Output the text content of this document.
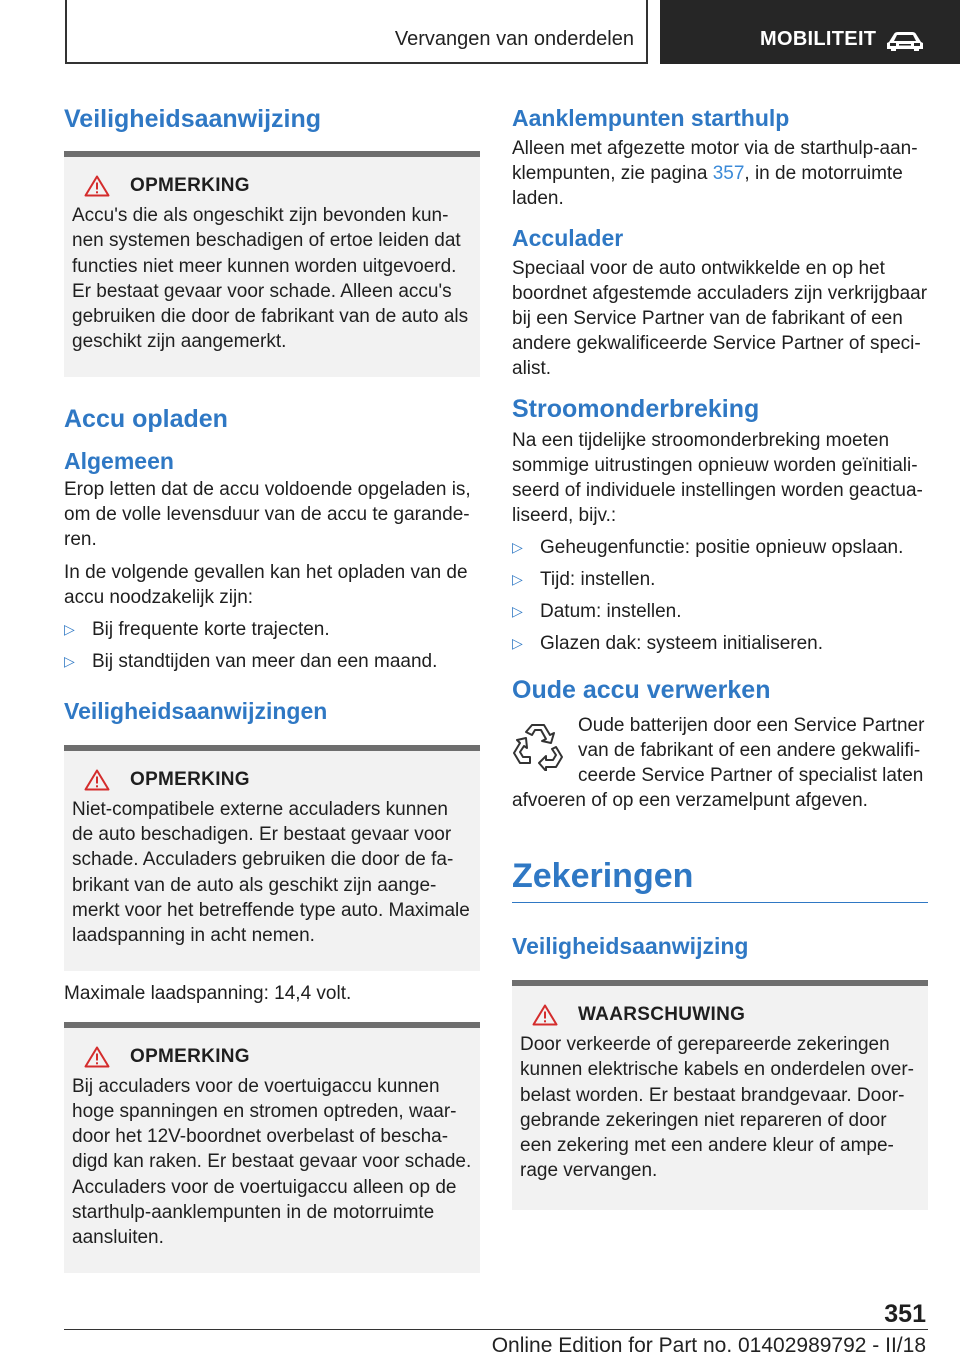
Vervangen van onderdelen	MOBILITEIT
Veiligheidsaanwijzing
OPMERKING

Accu's die als ongeschikt zijn bevonden kun-

nen systemen beschadigen of ertoe leiden dat

functies niet meer kunnen worden uitgevoerd.

Er bestaat gevaar voor schade. Alleen accu's

gebruiken die door de fabrikant van de auto als

geschikt zijn aangemerkt.

Accu opladen
Algemeen

Erop letten dat de accu voldoende opgeladen is,

om de volle levensduur van de accu te garande-

ren.

In de volgende gevallen kan het opladen van de

accu noodzakelijk zijn:

▷ Bij frequente korte trajecten.
▷ Bij standtijden van meer dan een maand.
Veiligheidsaanwijzingen
OPMERKING

Niet-compatibele externe acculaders kunnen

de auto beschadigen. Er bestaat gevaar voor

schade. Acculaders gebruiken die door de fa-

brikant van de auto als geschikt zijn aange-

merkt voor het betreffende type auto. Maximale

laadspanning in acht nemen.

Maximale laadspanning: 14,4 volt.

OPMERKING

Bij acculaders voor de voertuigaccu kunnen

hoge spanningen en stromen optreden, waar-

door het 12V-boordnet overbelast of bescha-

digd kan raken. Er bestaat gevaar voor schade.

Acculaders voor de voertuigaccu alleen op de

starthulp-aanklempunten in de motorruimte

aansluiten.

Aanklempunten starthulp

Alleen met afgezette motor via de starthulp-aan-

klempunten, zie pagina 357, in de motorruimte

laden.

Acculader

Speciaal voor de auto ontwikkelde en op het

boordnet afgestemde acculaders zijn verkrijgbaar

bij een Service Partner van de fabrikant of een

andere gekwalificeerde Service Partner of speci-

alist.

Stroomonderbreking

Na een tijdelijke stroomonderbreking moeten

sommige uitrustingen opnieuw worden geïnitiali-

seerd of individuele instellingen worden geactua-

liseerd, bijv.:

▷ Geheugenfunctie: positie opnieuw opslaan.
▷ Tijd: instellen.
▷ Datum: instellen.
▷ Glazen dak: systeem initialiseren.
Oude accu verwerken

Oude batterijen door een Service Partner

van de fabrikant of een andere gekwalifi-

ceerde Service Partner of specialist laten

afvoeren of op een verzamelpunt afgeven.

Zekeringen
Veiligheidsaanwijzing
WAARSCHUWING

Door verkeerde of gerepareerde zekeringen

kunnen elektrische kabels en onderdelen over-

belast worden. Er bestaat brandgevaar. Door-

gebrande zekeringen niet repareren of door

een zekering met een andere kleur of ampe-

rage vervangen.

351
Online Edition for Part no. 01402989792 - II/18
